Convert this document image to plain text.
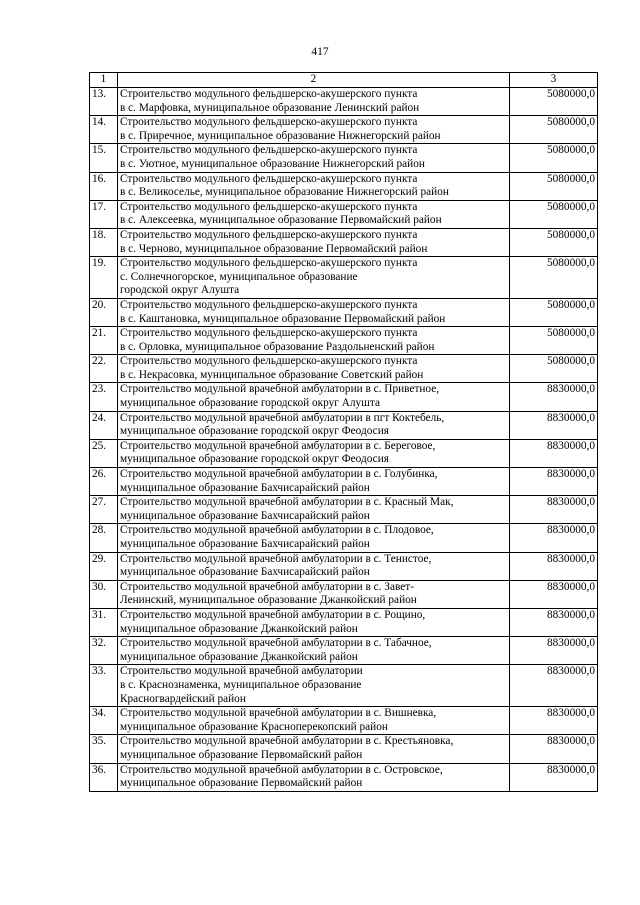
417
1	2	3
13.	Строительство модульного фельдшерско-акушерского пункта
в с. Марфовка, муниципальное образование Ленинский район	5080000,0
14.	Строительство модульного фельдшерско-акушерского пункта
в с. Приречное, муниципальное образование Нижнегорский район	5080000,0
15.	Строительство модульного фельдшерско-акушерского пункта
в с. Уютное, муниципальное образование Нижнегорский район	5080000,0
16.	Строительство модульного фельдшерско-акушерского пункта
в с. Великоселье, муниципальное образование Нижнегорский район	5080000,0
17.	Строительство модульного фельдшерско-акушерского пункта
в с. Алексеевка, муниципальное образование Первомайский район	5080000,0
18.	Строительство модульного фельдшерско-акушерского пункта
в с. Черново, муниципальное образование Первомайский район	5080000,0
19.	Строительство модульного фельдшерско-акушерского пункта
с. Солнечногорское, муниципальное образование
городской округ Алушта	5080000,0
20.	Строительство модульного фельдшерско-акушерского пункта
в с. Каштановка, муниципальное образование Первомайский район	5080000,0
21.	Строительство модульного фельдшерско-акушерского пункта
в с. Орловка, муниципальное образование Раздольненский район	5080000,0
22.	Строительство модульного фельдшерско-акушерского пункта
в с. Некрасовка, муниципальное образование Советский район	5080000,0
23.	Строительство модульной врачебной амбулатории в с. Приветное,
муниципальное образование городской округ Алушта	8830000,0
24.	Строительство модульной врачебной амбулатории в пгт Коктебель,
муниципальное образование городской округ Феодосия	8830000,0
25.	Строительство модульной врачебной амбулатории в с. Береговое,
муниципальное образование городской округ Феодосия	8830000,0
26.	Строительство модульной врачебной амбулатории в с. Голубинка,
муниципальное образование Бахчисарайский район	8830000,0
27.	Строительство модульной врачебной амбулатории в с. Красный Мак,
муниципальное образование Бахчисарайский район	8830000,0
28.	Строительство модульной врачебной амбулатории в с. Плодовое,
муниципальное образование Бахчисарайский район	8830000,0
29.	Строительство модульной врачебной амбулатории в с. Тенистое,
муниципальное образование Бахчисарайский район	8830000,0
30.	Строительство модульной врачебной амбулатории в с. Завет-
Ленинский, муниципальное образование Джанкойский район	8830000,0
31.	Строительство модульной врачебной амбулатории в с. Рощино,
муниципальное образование Джанкойский район	8830000,0
32.	Строительство модульной врачебной амбулатории в с. Табачное,
муниципальное образование Джанкойский район	8830000,0
33.	Строительство модульной врачебной амбулатории
в с. Краснознаменка, муниципальное образование
Красногвардейский район	8830000,0
34.	Строительство модульной врачебной амбулатории в с. Вишневка,
муниципальное образование Красноперекопский район	8830000,0
35.	Строительство модульной врачебной амбулатории в с. Крестьяновка,
муниципальное образование Первомайский район	8830000,0
36.	Строительство модульной врачебной амбулатории в с. Островское,
муниципальное образование Первомайский район	8830000,0
